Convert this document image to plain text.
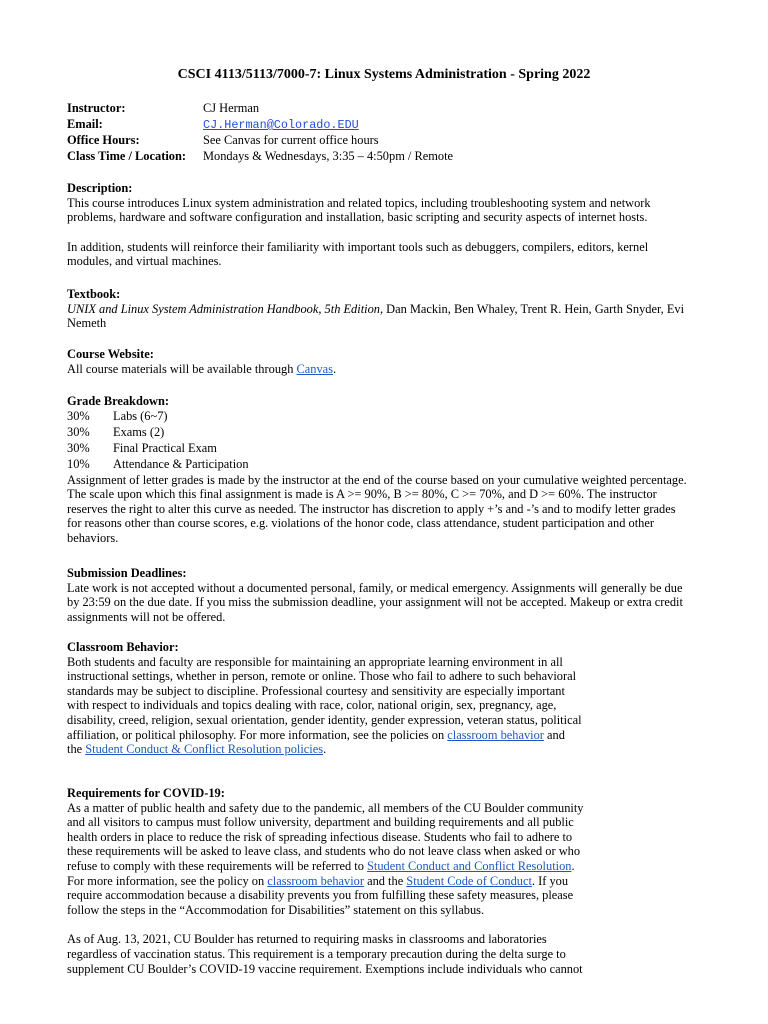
CSCI 4113/5113/7000-7: Linux Systems Administration - Spring 2022
Instructor:	CJ Herman
Email:	CJ.Herman@Colorado.EDU
Office Hours:	See Canvas for current office hours
Class Time / Location: Mondays & Wednesdays, 3:35 – 4:50pm / Remote
Description:
This course introduces Linux system administration and related topics, including troubleshooting system and network
problems, hardware and software configuration and installation, basic scripting and security aspects of internet hosts.
In addition, students will reinforce their familiarity with important tools such as debuggers, compilers, editors, kernel
modules, and virtual machines.
Textbook:
UNIX and Linux System Administration Handbook, 5th Edition, Dan Mackin, Ben Whaley, Trent R. Hein, Garth Snyder, Evi
Nemeth
Course Website:
All course materials will be available through Canvas.
Grade Breakdown:
30% Labs (6~7)
30% Exams (2)
30% Final Practical Exam
10% Attendance & Participation
Assignment of letter grades is made by the instructor at the end of the course based on your cumulative weighted percentage.
The scale upon which this final assignment is made is A >= 90%, B >= 80%, C >= 70%, and D >= 60%. The instructor
reserves the right to alter this curve as needed. The instructor has discretion to apply +’s and -’s and to modify letter grades
for reasons other than course scores, e.g. violations of the honor code, class attendance, student participation and other
behaviors.
Submission Deadlines:
Late work is not accepted without a documented personal, family, or medical emergency. Assignments will generally be due
by 23:59 on the due date. If you miss the submission deadline, your assignment will not be accepted. Makeup or extra credit
assignments will not be offered.
Classroom Behavior:
Both students and faculty are responsible for maintaining an appropriate learning environment in all
instructional settings, whether in person, remote or online. Those who fail to adhere to such behavioral
standards may be subject to discipline. Professional courtesy and sensitivity are especially important
with respect to individuals and topics dealing with race, color, national origin, sex, pregnancy, age,
disability, creed, religion, sexual orientation, gender identity, gender expression, veteran status, political
affiliation, or political philosophy. For more information, see the policies on classroom behavior and
the Student Conduct & Conflict Resolution policies.
Requirements for COVID-19:
As a matter of public health and safety due to the pandemic, all members of the CU Boulder community
and all visitors to campus must follow university, department and building requirements and all public
health orders in place to reduce the risk of spreading infectious disease. Students who fail to adhere to
these requirements will be asked to leave class, and students who do not leave class when asked or who
refuse to comply with these requirements will be referred to Student Conduct and Conflict Resolution.
For more information, see the policy on classroom behavior and the Student Code of Conduct. If you
require accommodation because a disability prevents you from fulfilling these safety measures, please
follow the steps in the “Accommodation for Disabilities” statement on this syllabus.
As of Aug. 13, 2021, CU Boulder has returned to requiring masks in classrooms and laboratories
regardless of vaccination status. This requirement is a temporary precaution during the delta surge to
supplement CU Boulder’s COVID-19 vaccine requirement. Exemptions include individuals who cannot
